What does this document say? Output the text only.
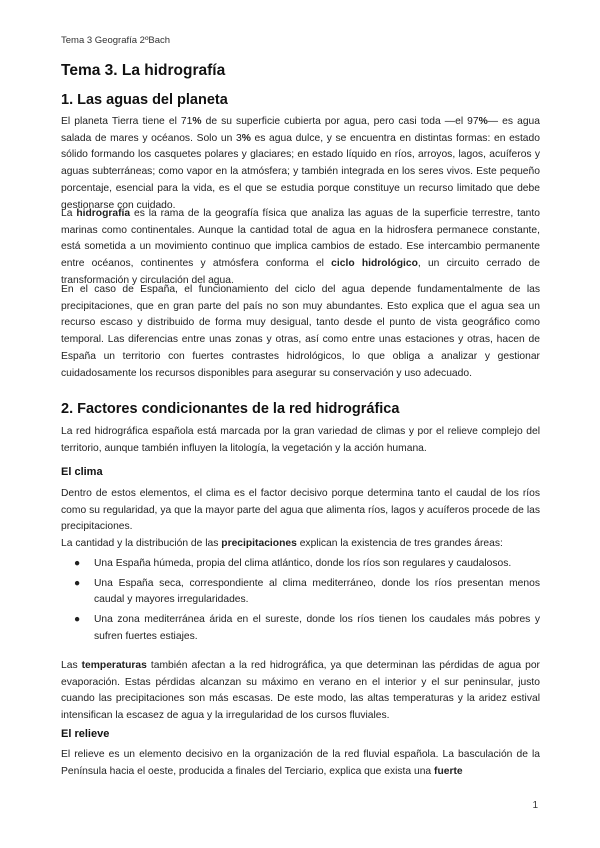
Tema 3 Geografía 2ºBach
Tema 3. La hidrografía
1. Las aguas del planeta

El planeta Tierra tiene el 71% de su superficie cubierta por agua, pero casi toda —el 97%— es agua salada de mares y océanos. Solo un 3% es agua dulce, y se encuentra en distintas formas: en estado sólido formando los casquetes polares y glaciares; en estado líquido en ríos, arroyos, lagos, acuíferos y aguas subterráneas; como vapor en la atmósfera; y también integrada en los seres vivos. Este pequeño porcentaje, esencial para la vida, es el que se estudia porque constituye un recurso limitado que debe gestionarse con cuidado.

La hidrografía es la rama de la geografía física que analiza las aguas de la superficie terrestre, tanto marinas como continentales. Aunque la cantidad total de agua en la hidrosfera permanece constante, está sometida a un movimiento continuo que implica cambios de estado. Ese intercambio permanente entre océanos, continentes y atmósfera conforma el ciclo hidrológico, un circuito cerrado de transformación y circulación del agua.

En el caso de España, el funcionamiento del ciclo del agua depende fundamentalmente de las precipitaciones, que en gran parte del país no son muy abundantes. Esto explica que el agua sea un recurso escaso y distribuido de forma muy desigual, tanto desde el punto de vista geográfico como temporal. Las diferencias entre unas zonas y otras, así como entre unas estaciones y otras, hacen de España un territorio con fuertes contrastes hidrológicos, lo que obliga a analizar y gestionar cuidadosamente los recursos disponibles para asegurar su conservación y uso adecuado.

2. Factores condicionantes de la red hidrográfica

La red hidrográfica española está marcada por la gran variedad de climas y por el relieve complejo del territorio, aunque también influyen la litología, la vegetación y la acción humana.

El clima

Dentro de estos elementos, el clima es el factor decisivo porque determina tanto el caudal de los ríos como su regularidad, ya que la mayor parte del agua que alimenta ríos, lagos y acuíferos procede de las precipitaciones.

La cantidad y la distribución de las precipitaciones explican la existencia de tres grandes áreas:

● Una España húmeda, propia del clima atlántico, donde los ríos son regulares y caudalosos.
● Una España seca, correspondiente al clima mediterráneo, donde los ríos presentan menos caudal y mayores irregularidades.
● Una zona mediterránea árida en el sureste, donde los ríos tienen los caudales más pobres y sufren fuertes estiajes.

Las temperaturas también afectan a la red hidrográfica, ya que determinan las pérdidas de agua por evaporación. Estas pérdidas alcanzan su máximo en verano en el interior y el sur peninsular, justo cuando las precipitaciones son más escasas. De este modo, las altas temperaturas y la aridez estival intensifican la escasez de agua y la irregularidad de los cursos fluviales.

El relieve

El relieve es un elemento decisivo en la organización de la red fluvial española. La basculación de la Península hacia el oeste, producida a finales del Terciario, explica que exista una fuerte

1
